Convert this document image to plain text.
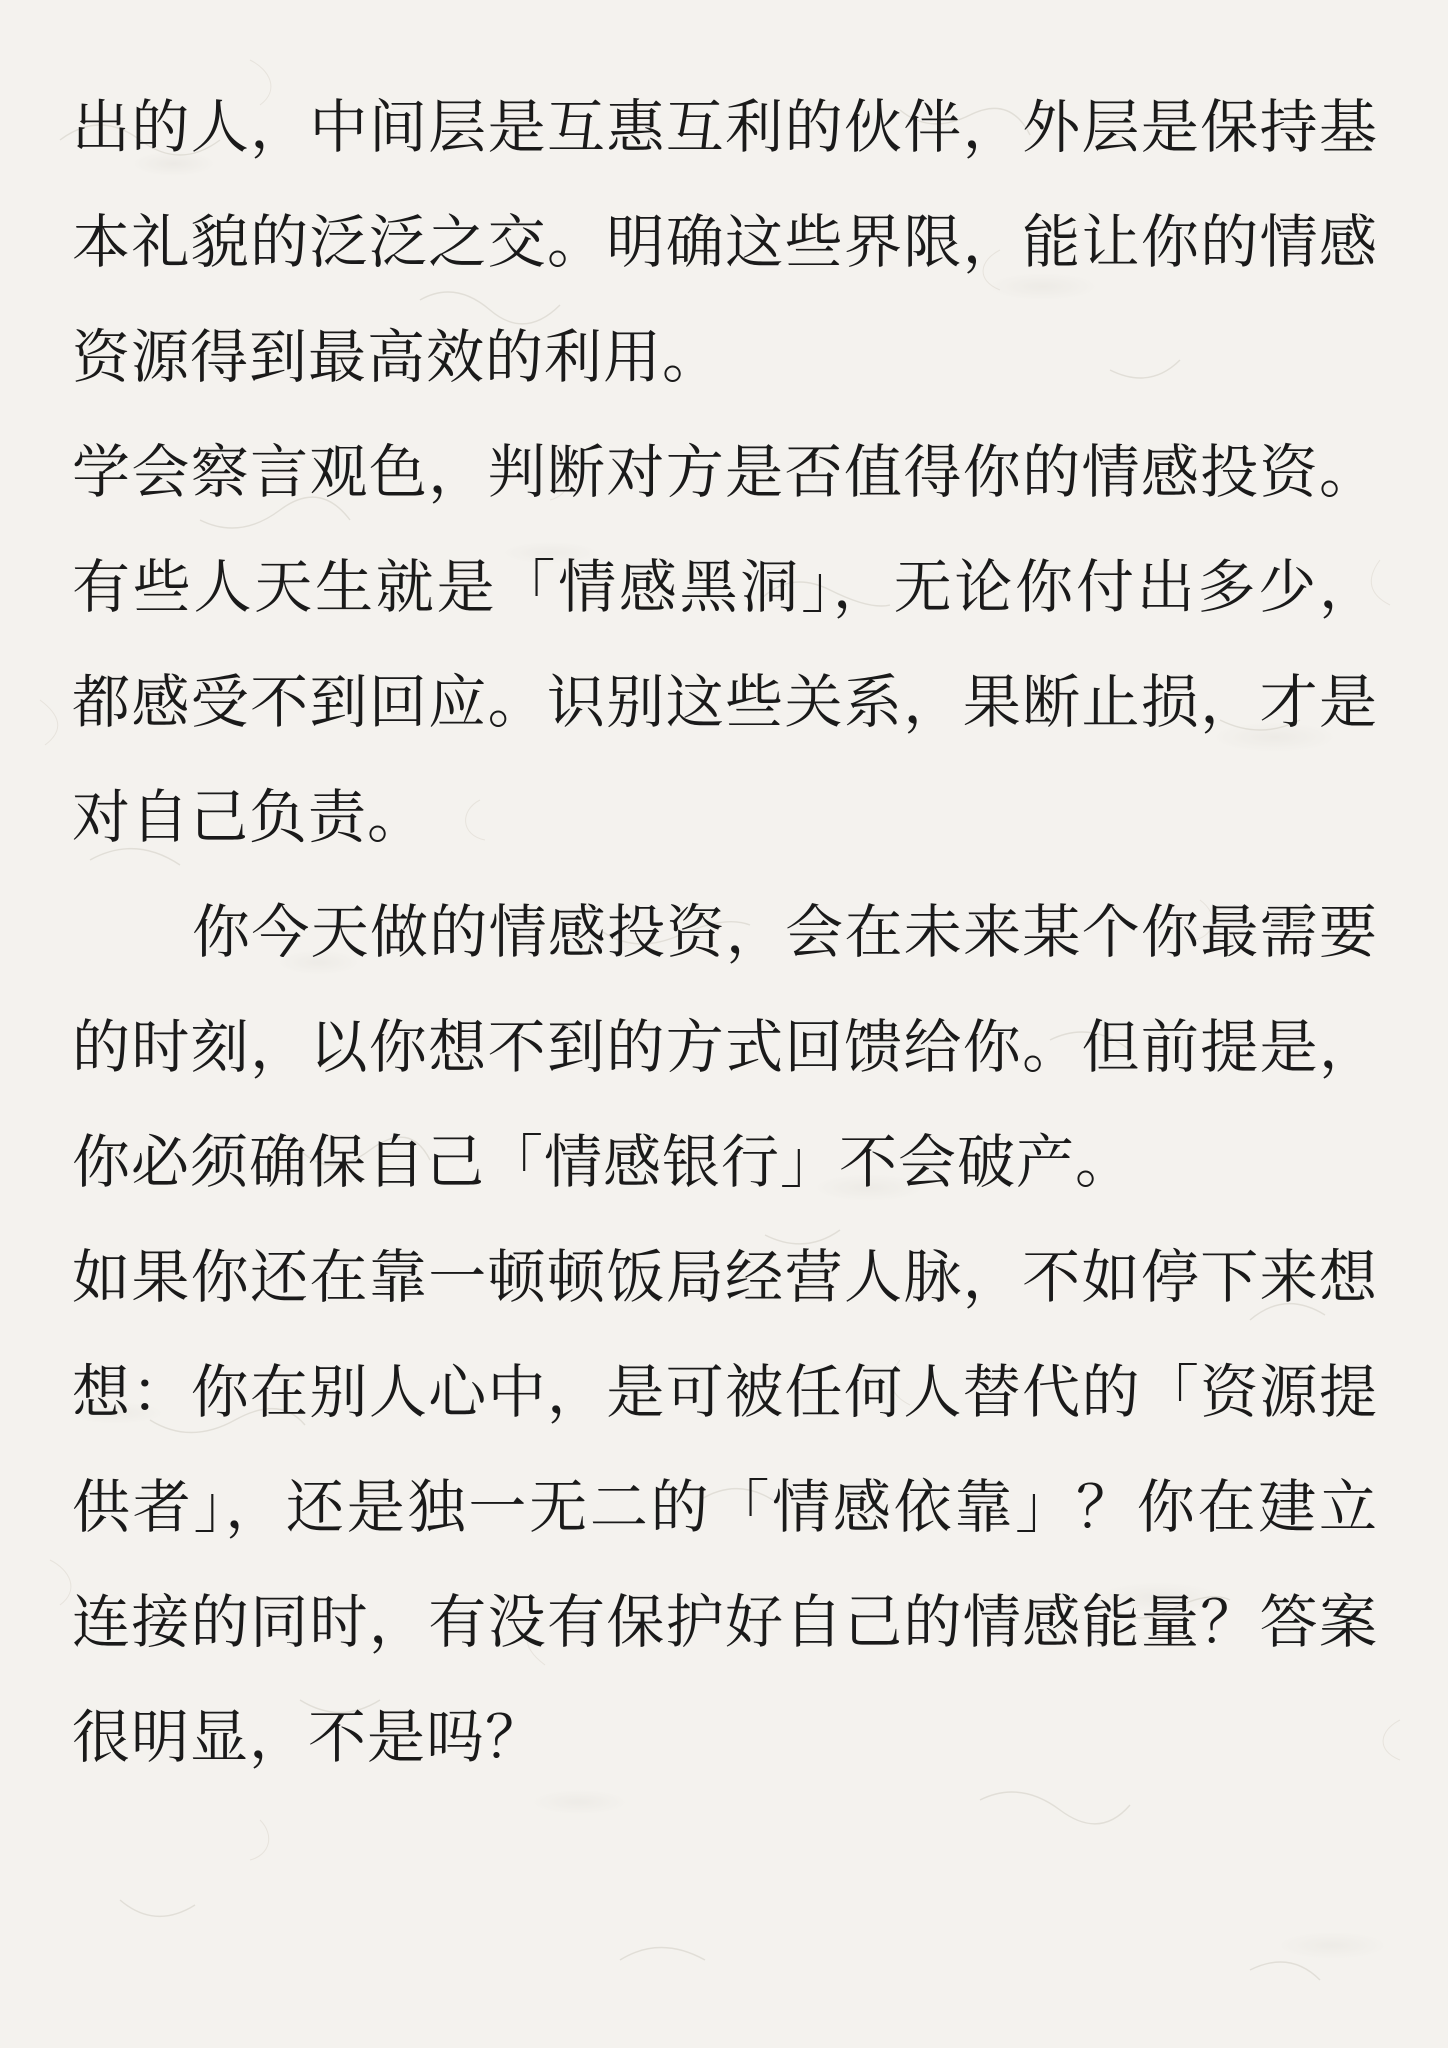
出的人，中间层是互惠互利的伙伴，外层是保持基本礼貌的泛泛之交。明确这些界限，能让你的情感资源得到最高效的利用。

学会察言观色，判断对方是否值得你的情感投资。有些人天生就是「情感黑洞」，无论你付出多少，都感受不到回应。识别这些关系，果断止损，才是对自己负责。

你今天做的情感投资，会在未来某个你最需要的时刻，以你想不到的方式回馈给你。但前提是，你必须确保自己「情感银行」不会破产。

如果你还在靠一顿顿饭局经营人脉，不如停下来想想：你在别人心中，是可被任何人替代的「资源提供者」，还是独一无二的「情感依靠」？你在建立连接的同时，有没有保护好自己的情感能量？答案很明显，不是吗？
